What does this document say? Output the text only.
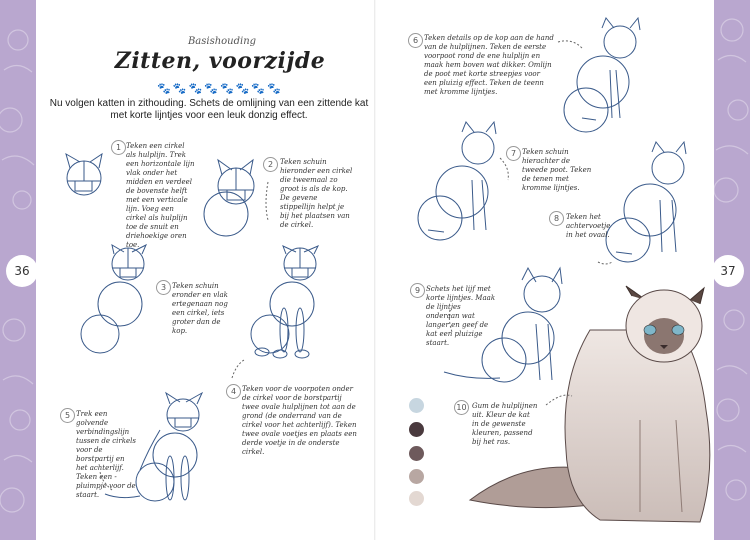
36	37
Basishouding
Zitten, voorzijde
🐾🐾🐾🐾🐾🐾🐾🐾
Nu volgen katten in zithouding. Schets de omlijning van een zittende kat met korte lijntjes voor een leuk donzig effect.
1 Teken een cirkel als hulplijn. Trek een horizontale lijn vlak onder het midden en verdeel de bovenste helft met een verticale lijn. Voeg een cirkel als hulplijn toe de snuit en driehoekige oren toe.
2 Teken schuin hieronder een cirkel die tweemaal zo groot is als de kop. De gevene stippellijn helpt je bij het plaatsen van de cirkel.
3 Teken schuin eronder en vlak ertegenaan nog een cirkel, iets groter dan de kop.
4 Teken voor de voorpoten onder de cirkel voor de borstpartij twee ovale hulplijnen tot aan de grond (de onderrand van de cirkel voor het achterlijf). Teken twee ovale voetjes en plaats een derde voetje in de onderste cirkel.
5 Trek een golvende verbindingslijn tussen de cirkels voor de borstpartij en het achterlijf. Teken een pluimpje voor de staart.
6 Teken details op de kop aan de hand van de hulplijnen. Teken de eerste voorpoot rond de ene hulplijn en maak hem boven wat dikker. Omlijn de poot met korte streepjes voor een pluizig effect. Teken de teenn met kromme lijntjes.
7 Teken schuin hierachter de tweede poot. Teken de tenen met kromme lijntjes.
8 Teken het achtervoetje in het ovaal.
9 Schets het lijf met korte lijntjes. Maak de lijntjes onderaan wat langer en geef de kat een pluizige staart.
10 Gum de hulplijnen uit. Kleur de kat in de gewenste kleuren, passend bij het ras.
